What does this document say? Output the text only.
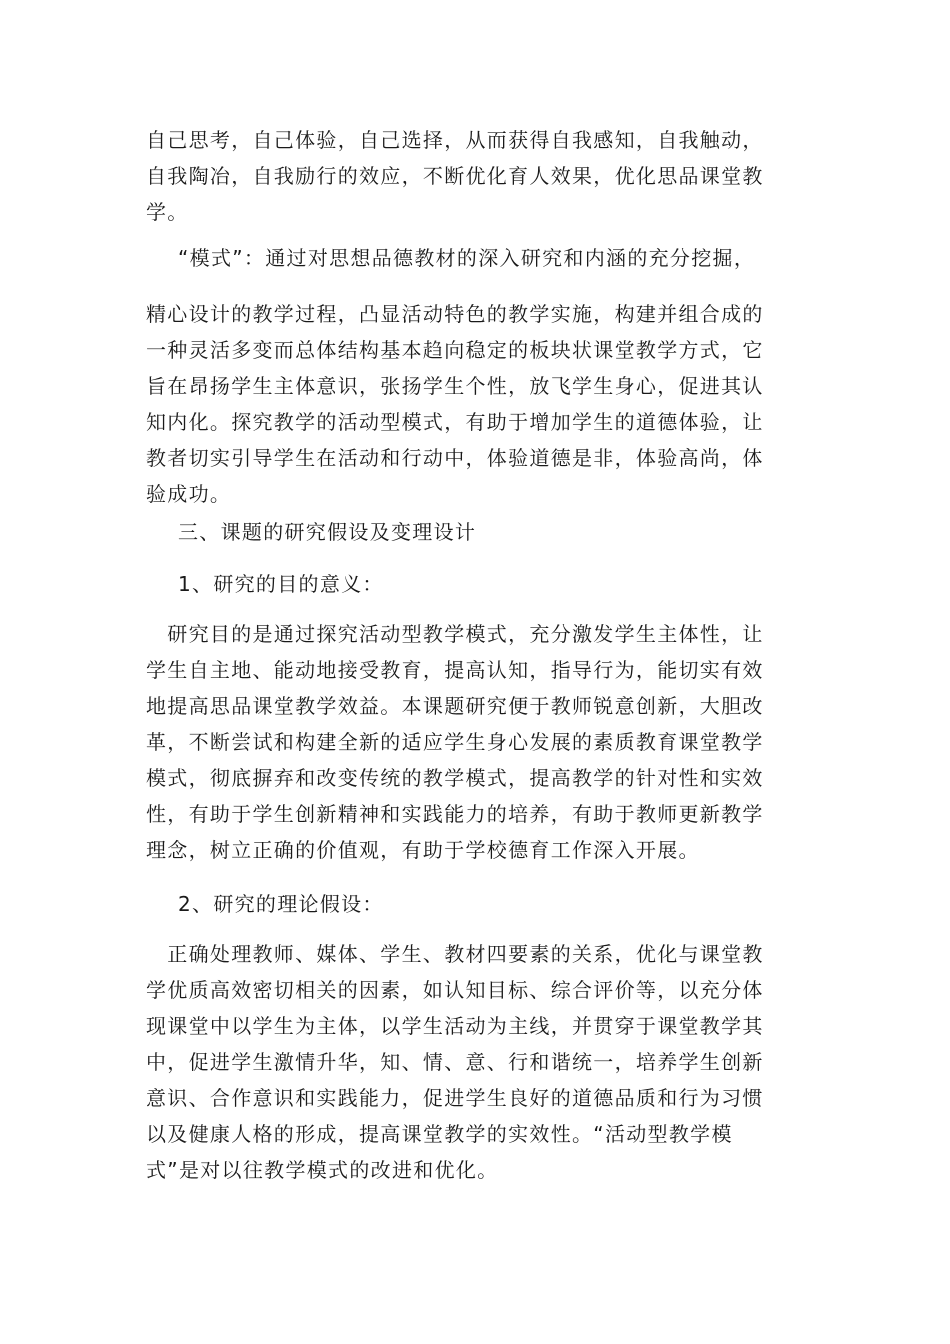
自己思考，自己体验，自己选择，从而获得自我感知，自我触动，
自我陶冶，自我励行的效应，不断优化育人效果，优化思品课堂教
学。

“模式”：通过对思想品德教材的深入研究和内涵的充分挖掘，

精心设计的教学过程，凸显活动特色的教学实施，构建并组合成的
一种灵活多变而总体结构基本趋向稳定的板块状课堂教学方式，它
旨在昂扬学生主体意识，张扬学生个性，放飞学生身心，促进其认
知内化。探究教学的活动型模式，有助于增加学生的道德体验，让
教者切实引导学生在活动和行动中，体验道德是非，体验高尚，体
验成功。

三、课题的研究假设及变理设计

1、研究的目的意义：

　研究目的是通过探究活动型教学模式，充分激发学生主体性，让
学生自主地、能动地接受教育，提高认知，指导行为，能切实有效
地提高思品课堂教学效益。本课题研究便于教师锐意创新，大胆改
革，不断尝试和构建全新的适应学生身心发展的素质教育课堂教学
模式，彻底摒弃和改变传统的教学模式，提高教学的针对性和实效
性，有助于学生创新精神和实践能力的培养，有助于教师更新教学
理念，树立正确的价值观，有助于学校德育工作深入开展。

2、研究的理论假设：

　正确处理教师、媒体、学生、教材四要素的关系，优化与课堂教
学优质高效密切相关的因素，如认知目标、综合评价等，以充分体
现课堂中以学生为主体，以学生活动为主线，并贯穿于课堂教学其
中，促进学生激情升华，知、情、意、行和谐统一，培养学生创新
意识、合作意识和实践能力，促进学生良好的道德品质和行为习惯
以及健康人格的形成，提高课堂教学的实效性。“活动型教学模
式”是对以往教学模式的改进和优化。
